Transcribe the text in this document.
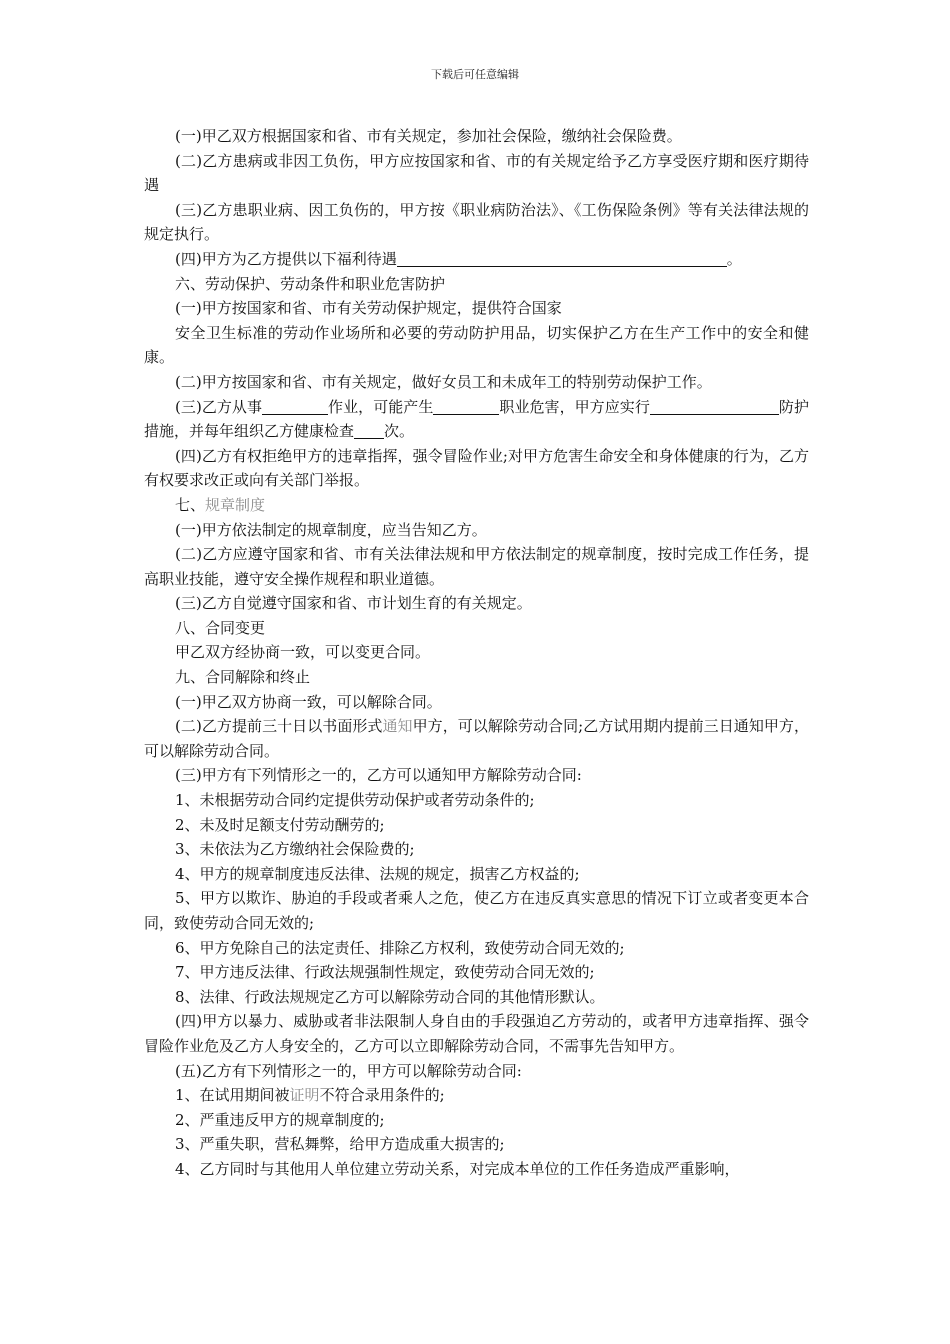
下载后可任意编辑

(一)甲乙双方根据国家和省、市有关规定，参加社会保险，缴纳社会保险费。

(二)乙方患病或非因工负伤，甲方应按国家和省、市的有关规定给予乙方享受医疗期和医疗期待遇

(三)乙方患职业病、因工负伤的，甲方按《职业病防治法》、《工伤保险条例》等有关法律法规的规定执行。

(四)甲方为乙方提供以下福利待遇	。

六、劳动保护、劳动条件和职业危害防护

(一)甲方按国家和省、市有关劳动保护规定，提供符合国家

安全卫生标准的劳动作业场所和必要的劳动防护用品，切实保护乙方在生产工作中的安全和健康。

(二)甲方按国家和省、市有关规定，做好女员工和未成年工的特别劳动保护工作。

(三)乙方从事	作业，可能产生	职业危害，甲方应实行	防护措施，并每年组织乙方健康检查 次。

(四)乙方有权拒绝甲方的违章指挥，强令冒险作业;对甲方危害生命安全和身体健康的行为，乙方有权要求改正或向有关部门举报。

七、规章制度

(一)甲方依法制定的规章制度，应当告知乙方。

(二)乙方应遵守国家和省、市有关法律法规和甲方依法制定的规章制度，按时完成工作任务，提高职业技能，遵守安全操作规程和职业道德。

(三)乙方自觉遵守国家和省、市计划生育的有关规定。

八、合同变更

甲乙双方经协商一致，可以变更合同。

九、合同解除和终止

(一)甲乙双方协商一致，可以解除合同。

(二)乙方提前三十日以书面形式通知甲方，可以解除劳动合同;乙方试用期内提前三日通知甲方，可以解除劳动合同。

(三)甲方有下列情形之一的，乙方可以通知甲方解除劳动合同:

1、未根据劳动合同约定提供劳动保护或者劳动条件的;

2、未及时足额支付劳动酬劳的;

3、未依法为乙方缴纳社会保险费的;

4、甲方的规章制度违反法律、法规的规定，损害乙方权益的;

5、甲方以欺诈、胁迫的手段或者乘人之危，使乙方在违反真实意思的情况下订立或者变更本合同，致使劳动合同无效的;

6、甲方免除自己的法定责任、排除乙方权利，致使劳动合同无效的;

7、甲方违反法律、行政法规强制性规定，致使劳动合同无效的;

8、法律、行政法规规定乙方可以解除劳动合同的其他情形默认。

(四)甲方以暴力、威胁或者非法限制人身自由的手段强迫乙方劳动的，或者甲方违章指挥、强令冒险作业危及乙方人身安全的，乙方可以立即解除劳动合同，不需事先告知甲方。

(五)乙方有下列情形之一的，甲方可以解除劳动合同:

1、在试用期间被证明不符合录用条件的;

2、严重违反甲方的规章制度的;

3、严重失职，营私舞弊，给甲方造成重大损害的;

4、乙方同时与其他用人单位建立劳动关系，对完成本单位的工作任务造成严重影响，
